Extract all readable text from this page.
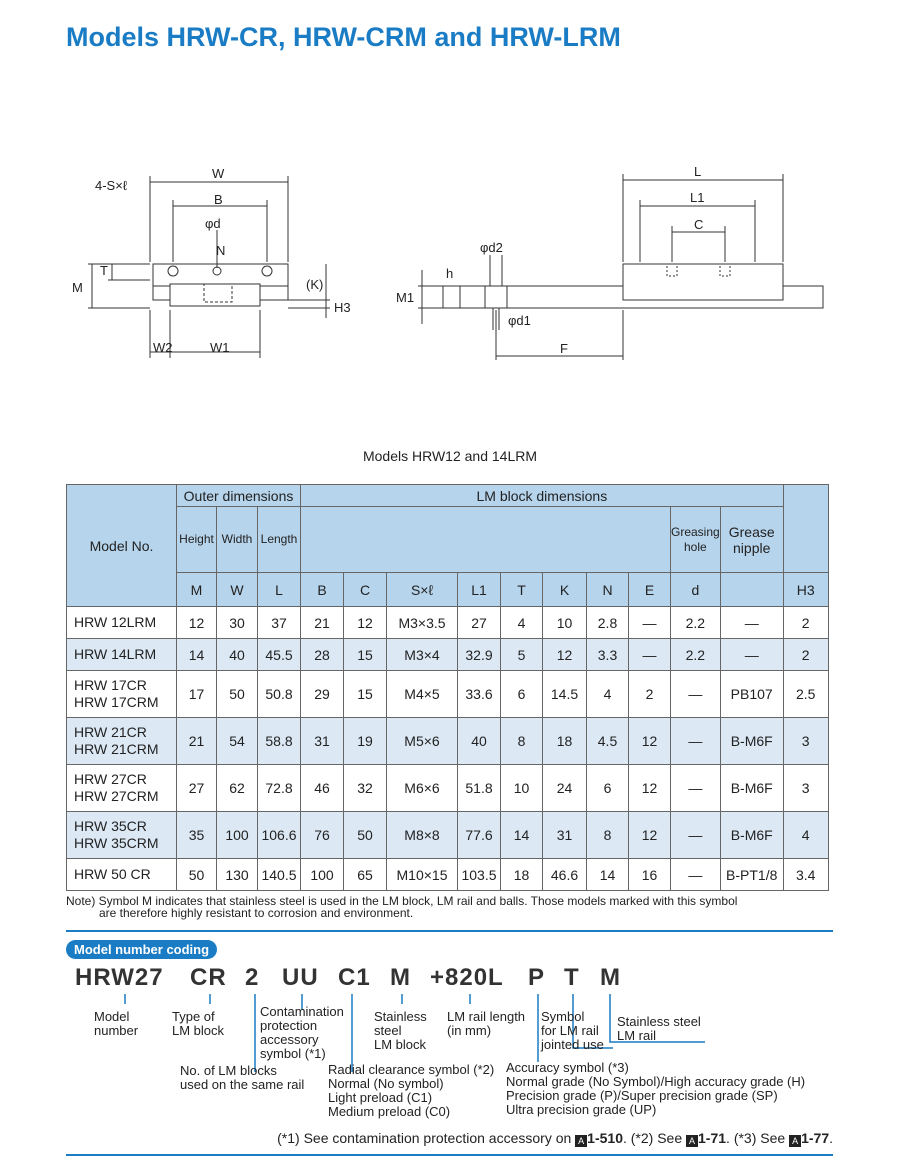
Models HRW-CR, HRW-CRM and HRW-LRM
4-S×ℓ
W
B
φd
N
T
M	(K)
H3
W2	W1
L
L1
C
φd2
h
M1
φd1
F
Models HRW12 and 14LRM
Model No.	Outer dimensions			LM block dimensions										
	Height	Width	Length									Greasing hole	Grease nipple	
	M	W	L	B	C	S×ℓ	L1	T	K	N	E	d		H3

HRW 12LRM	12	30	37	21	12	M3×3.5	27	4	10	2.8	—	2.2	—	2

HRW 14LRM	14	40	45.5	28	15	M3×4	32.9	5	12	3.3	—	2.2	—	2

HRW 17CR
HRW 17CRM	17	50	50.8	29	15	M4×5	33.6	6	14.5	4	2	—	PB107	2.5

HRW 21CR
HRW 21CRM	21	54	58.8	31	19	M5×6	40	8	18	4.5	12	—	B-M6F	3

HRW 27CR
HRW 27CRM	27	62	72.8	46	32	M6×6	51.8	10	24	6	12	—	B-M6F	3

HRW 35CR
HRW 35CRM	35	100	106.6	76	50	M8×8	77.6	14	31	8	12	—	B-M6F	4

HRW 50 CR	50	130	140.5	100	65	M10×15	103.5	18	46.6	14	16	—	B-PT1/8	3.4
Note) Symbol M indicates that stainless steel is used in the LM block, LM rail and balls. Those models marked with this symbol
are therefore highly resistant to corrosion and environment.
Model number coding
HRW27 CR 2 UU C1 M +820L P T M
Model
number
Type of
LM block
No. of LM blocks
used on the same rail
Contamination
protection
accessory
symbol (*1)
Radial clearance symbol (*2)
Normal (No symbol)
Light preload (C1)
Medium preload (C0)
Stainless
steel
LM block
LM rail length
(in mm)
Accuracy symbol (*3)
Normal grade (No Symbol)/High accuracy grade (H)
Precision grade (P)/Super precision grade (SP)
Ultra precision grade (UP)
Symbol
for LM rail
jointed use
Stainless steel
LM rail
(*1) See contamination protection accessory on A 1-510. (*2) See A 1-71. (*3) See A 1-77.
